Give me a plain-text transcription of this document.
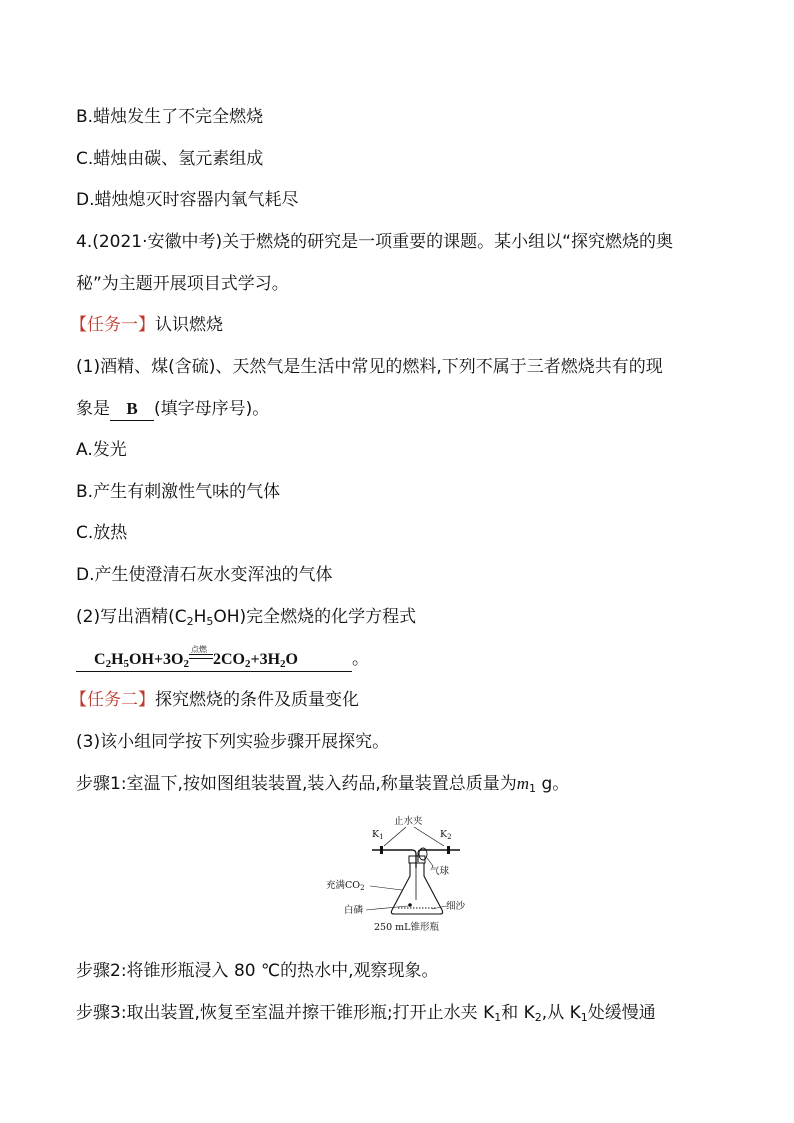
B.蜡烛发生了不完全燃烧
C.蜡烛由碳、氢元素组成
D.蜡烛熄灭时容器内氧气耗尽
4.(2021·安徽中考)关于燃烧的研究是一项重要的课题。某小组以“探究燃烧的奥
秘”为主题开展项目式学习。
【任务一】认识燃烧
(1)酒精、煤(含硫)、天然气是生活中常见的燃料,下列不属于三者燃烧共有的现
象是 B (填字母序号)。
A.发光
B.产生有刺激性气味的气体
C.放热
D.产生使澄清石灰水变浑浊的气体
(2)写出酒精$(C_2H_5OH)$完全燃烧的化学方程式
$C_2H_5OH+3O_2$
点燃
$2CO_2+3H_2O$	。
【任务二】探究燃烧的条件及质量变化
(3)该小组同学按下列实验步骤开展探究。
步骤1:室温下,按如图组装装置,装入药品,称量装置总质量为$m_1$ g。
止水夹
$K_1$	$K_2$
气球
充满$CO_2$
白磷	细沙
250 mL锥形瓶
步骤2:将锥形瓶浸入 80 ℃的热水中,观察现象。
步骤3:取出装置,恢复至室温并擦干锥形瓶;打开止水夹 $K_1$和 $K_2$,从 $K_1$处缓慢通
